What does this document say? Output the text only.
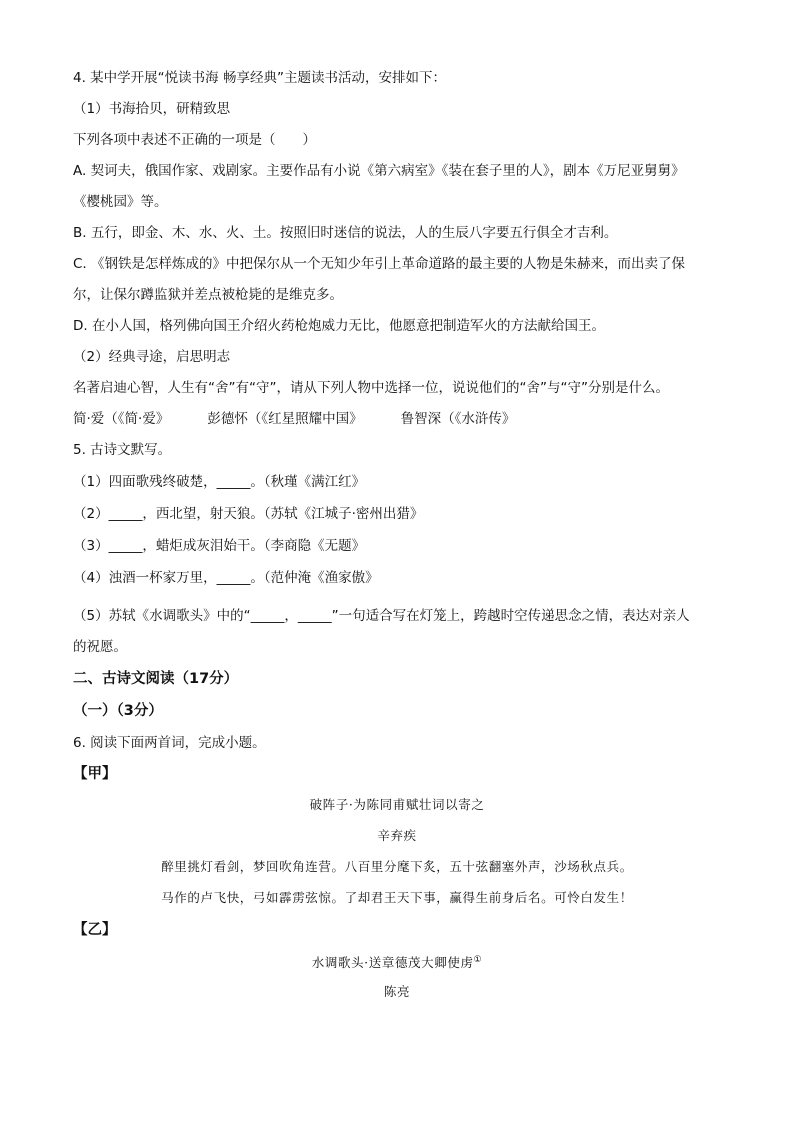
4. 某中学开展“悦读书海 畅享经典”主题读书活动，安排如下：
（1）书海拾贝，研精致思
下列各项中表述不正确的一项是（　　）
A. 契诃夫，俄国作家、戏剧家。主要作品有小说《第六病室》《装在套子里的人》，剧本《万尼亚舅舅》
《樱桃园》等。
B. 五行，即金、木、水、火、土。按照旧时迷信的说法，人的生辰八字要五行俱全才吉利。
C. 《钢铁是怎样炼成的》中把保尔从一个无知少年引上革命道路的最主要的人物是朱赫来，而出卖了保
尔，让保尔蹲监狱并差点被枪毙的是维克多。
D. 在小人国，格列佛向国王介绍火药枪炮威力无比，他愿意把制造军火的方法献给国王。
（2）经典寻途，启思明志
名著启迪心智，人生有“舍”有“守”，请从下列人物中选择一位，说说他们的“舍”与“守”分别是什么。
简·爱（《简·爱》	彭德怀（《红星照耀中国》	鲁智深（《水浒传》
5. 古诗文默写。
（1）四面歌残终破楚，_____。（秋瑾《满江红》
（2）_____，西北望，射天狼。（苏轼《江城子·密州出猎》
（3）_____，蜡炬成灰泪始干。（李商隐《无题》
（4）浊酒一杯家万里，_____。（范仲淹《渔家傲》
（5）苏轼《水调歌头》中的“_____，_____”一句适合写在灯笼上，跨越时空传递思念之情，表达对亲人
的祝愿。
二、古诗文阅读（17分）
（一）（3分）
6. 阅读下面两首词，完成小题。
【甲】
破阵子·为陈同甫赋壮词以寄之
辛弃疾
醉里挑灯看剑，梦回吹角连营。八百里分麾下炙，五十弦翻塞外声，沙场秋点兵。
马作的卢飞快，弓如霹雳弦惊。了却君王天下事，赢得生前身后名。可怜白发生！
【乙】
水调歌头·送章德茂大卿使虏①
陈亮
